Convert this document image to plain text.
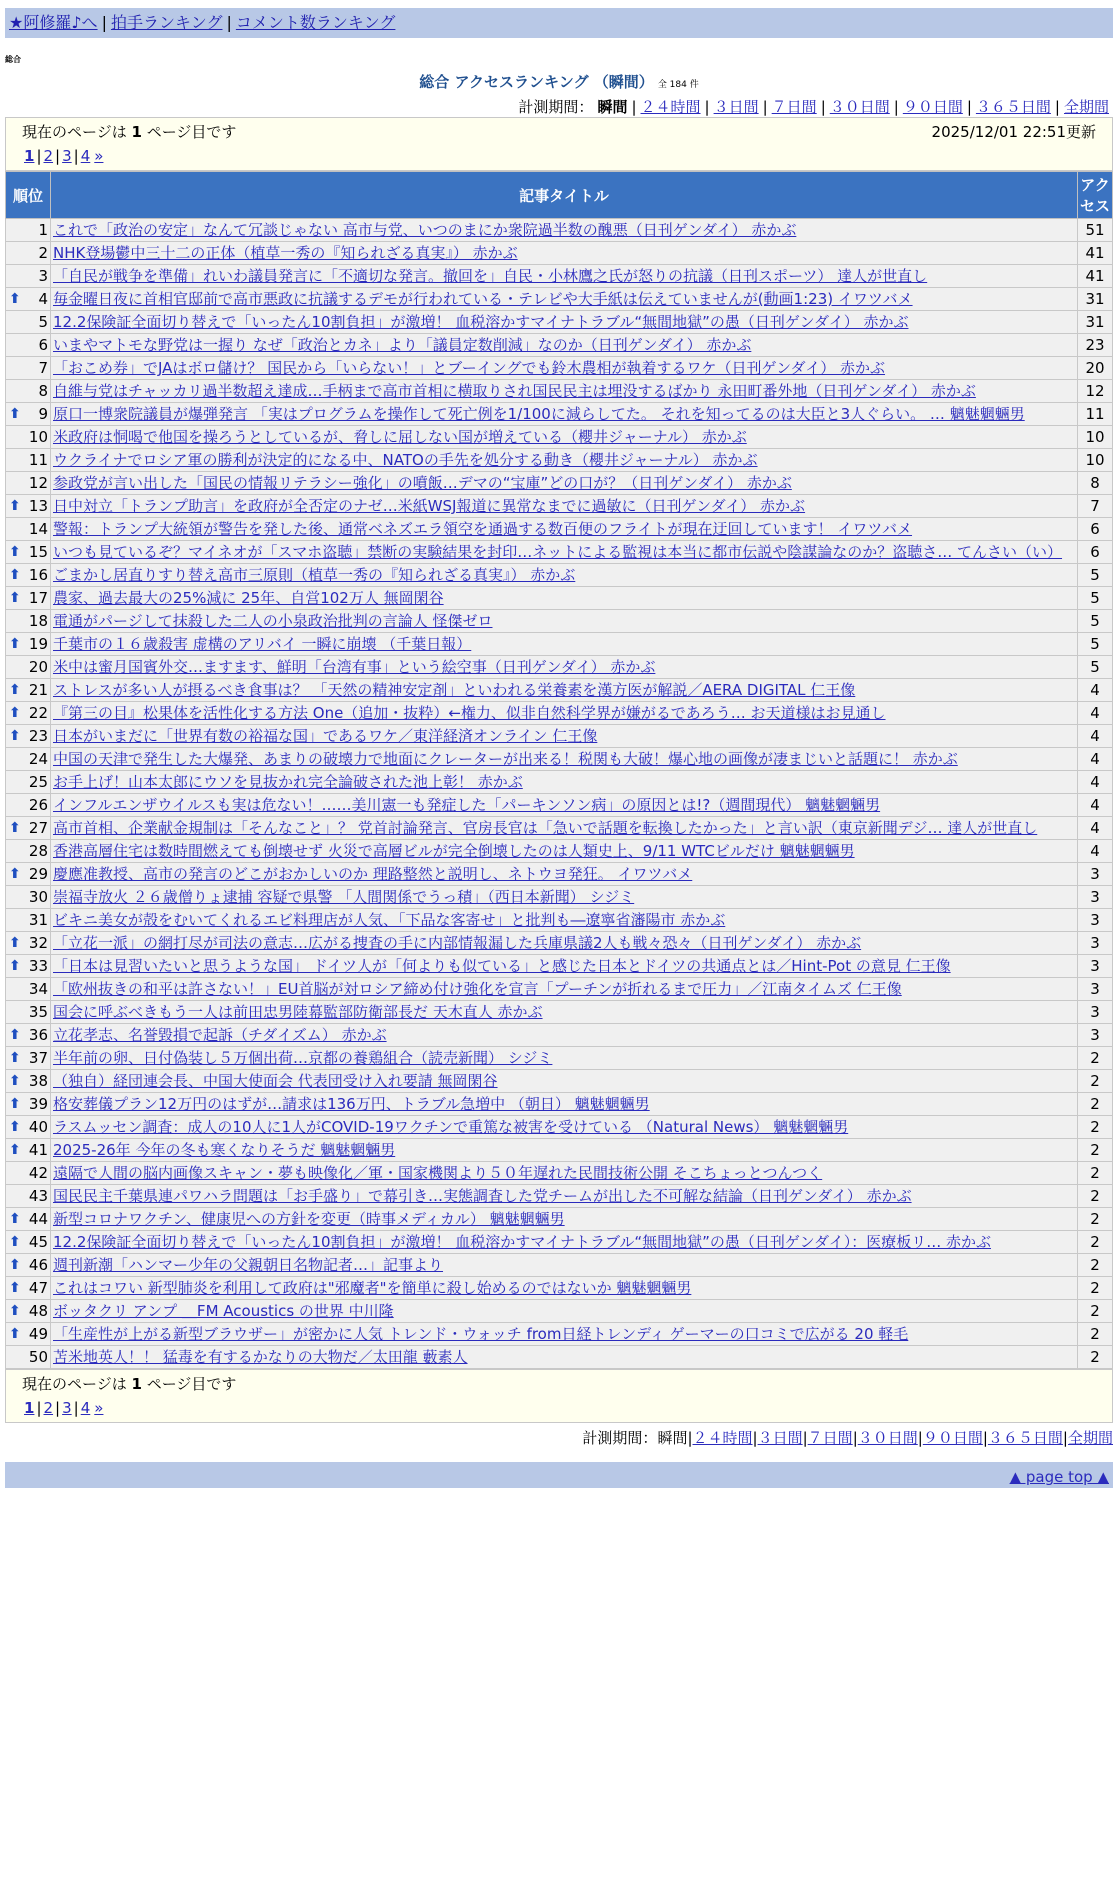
★阿修羅♪へ | 拍手ランキング | コメント数ランキング
総合
総合 アクセスランキング （瞬間） 全 184 件
計測期間： 瞬間 | ２４時間 | ３日間 | ７日間 | ３０日間 | ９０日間 | ３６５日間 | 全期間
現在のページは 1 ページ目です	2025/12/01 22:51更新
1 | 2 | 3 | 4 »
順位	記事タイトル	アクセス
1	これで「政治の安定」なんて冗談じゃない 高市与党、いつのまにか衆院過半数の醜悪（日刊ゲンダイ） 赤かぶ	51
2	NHK登場鬱中三十二の正体（植草一秀の『知られざる真実』） 赤かぶ	41
3	「自民が戦争を準備」れいわ議員発言に「不適切な発言。撤回を」自民・小林鷹之氏が怒りの抗議（日刊スポーツ） 達人が世直し	41

⬆ 4	毎金曜日夜に首相官邸前で高市悪政に抗議するデモが行われている・テレビや大手紙は伝えていませんが(動画1:23) イワツバメ	31
5	12.2保険証全面切り替えで「いったん10割負担」が激増！ 血税溶かすマイナトラブル“無間地獄”の愚（日刊ゲンダイ） 赤かぶ	31
6	いまやマトモな野党は一握り なぜ「政治とカネ」より「議員定数削減」なのか（日刊ゲンダイ） 赤かぶ	23
7	「おこめ券」でJAはボロ儲け？ 国民から「いらない！」とブーイングでも鈴木農相が執着するワケ（日刊ゲンダイ） 赤かぶ	20
8	自維与党はチャッカリ過半数超え達成…手柄まで高市首相に横取りされ国民民主は埋没するばかり 永田町番外地（日刊ゲンダイ） 赤かぶ	12

⬆ 9	原口一博衆院議員が爆弾発言 「実はプログラムを操作して死亡例を1/100に減らしてた。 それを知ってるのは大臣と3人ぐらい。 … 魑魅魍魎男	11
10	米政府は恫喝で他国を操ろうとしているが、脅しに屈しない国が増えている（櫻井ジャーナル） 赤かぶ	10
11	ウクライナでロシア軍の勝利が決定的になる中、NATOの手先を処分する動き（櫻井ジャーナル） 赤かぶ	10
12	参政党が言い出した「国民の情報リテラシー強化」の噴飯…デマの“宝庫”どの口が？（日刊ゲンダイ） 赤かぶ	8

⬆ 13	日中対立「トランプ助言」を政府が全否定のナゼ…米紙WSJ報道に異常なまでに過敏に（日刊ゲンダイ） 赤かぶ	7
14	警報：トランプ大統領が警告を発した後、通常ベネズエラ領空を通過する数百便のフライトが現在迂回しています！ イワツバメ	6

⬆ 15	いつも見ているぞ？マイネオが「スマホ盗聴」禁断の実験結果を封印…ネットによる監視は本当に都市伝説や陰謀論なのか？盗聴さ… てんさい（い）	6

⬆ 16	ごまかし居直りすり替え高市三原則（植草一秀の『知られざる真実』） 赤かぶ	5

⬆ 17	農家、過去最大の25%減に 25年、自営102万人 無岡閑谷	5
18	電通がパージして抹殺した二人の小泉政治批判の言論人 怪傑ゼロ	5

⬆ 19	千葉市の１６歳殺害 虚構のアリバイ 一瞬に崩壊 （千葉日報）	5
20	米中は蜜月国賓外交…ますます、鮮明「台湾有事」という絵空事（日刊ゲンダイ） 赤かぶ	5

⬆ 21	ストレスが多い人が摂るべき食事は？ 「天然の精神安定剤」といわれる栄養素を漢方医が解説／AERA DIGITAL 仁王像	4

⬆ 22	『第三の目』松果体を活性化する方法 One（追加・抜粋）←権力、似非自然科学界が嫌がるであろう… お天道様はお見通し	4

⬆ 23	日本がいまだに「世界有数の裕福な国」であるワケ／東洋経済オンライン 仁王像	4
24	中国の天津で発生した大爆発、あまりの破壊力で地面にクレーターが出来る！税関も大破！爆心地の画像が凄まじいと話題に！ 赤かぶ	4
25	お手上げ！山本太郎にウソを見抜かれ完全論破された池上彰！ 赤かぶ	4
26	インフルエンザウイルスも実は危ない！……美川憲一も発症した「パーキンソン病」の原因とは!?（週間現代） 魑魅魍魎男	4

⬆ 27	高市首相、企業献金規制は「そんなこと」？ 党首討論発言、官房長官は「急いで話題を転換したかった」と言い訳（東京新聞デジ… 達人が世直し	4
28	香港高層住宅は数時間燃えても倒壊せず 火災で高層ビルが完全倒壊したのは人類史上、9/11 WTCビルだけ 魑魅魍魎男	4

⬆ 29	慶應准教授、高市の発言のどこがおかしいのか 理路整然と説明し、ネトウヨ発狂。 イワツバメ	3
30	崇福寺放火 ２６歳僧りょ逮捕 容疑で県警 「人間関係でうっ積」（西日本新聞） シジミ	3
31	ビキニ美女が殻をむいてくれるエビ料理店が人気、「下品な客寄せ」と批判も―遼寧省瀋陽市 赤かぶ	3

⬆ 32	「立花一派」の網打尽が司法の意志…広がる捜査の手に内部情報漏した兵庫県議2人も戦々恐々（日刊ゲンダイ） 赤かぶ	3

⬆ 33	「日本は見習いたいと思うような国」 ドイツ人が「何よりも似ている」と感じた日本とドイツの共通点とは／Hint-Pot の意見 仁王像	3
34	「欧州抜きの和平は許さない！」EU首脳が対ロシア締め付け強化を宣言「プーチンが折れるまで圧力」／江南タイムズ 仁王像	3
35	国会に呼ぶべきもう一人は前田忠男陸幕監部防衛部長だ 天木直人 赤かぶ	3

⬆ 36	立花孝志、名誉毀損で起訴（チダイズム） 赤かぶ	3

⬆ 37	半年前の卵、日付偽装し５万個出荷…京都の養鶏組合（読売新聞） シジミ	2

⬆ 38	（独自）経団連会長、中国大使面会 代表団受け入れ要請 無岡閑谷	2

⬆ 39	格安葬儀プラン12万円のはずが…請求は136万円、トラブル急増中 （朝日） 魑魅魍魎男	2

⬆ 40	ラスムッセン調査：成人の10人に1人がCOVID-19ワクチンで重篤な被害を受けている （Natural News） 魑魅魍魎男	2

⬆ 41	2025-26年 今年の冬も寒くなりそうだ 魑魅魍魎男	2
42	遠隔で人間の脳内画像スキャン・夢も映像化／軍・国家機関より５０年遅れた民間技術公開 そこちょっとつんつく	2
43	国民民主千葉県連パワハラ問題は「お手盛り」で幕引き…実態調査した党チームが出した不可解な結論（日刊ゲンダイ） 赤かぶ	2

⬆ 44	新型コロナワクチン、健康児への方針を変更（時事メディカル） 魑魅魍魎男	2

⬆ 45	12.2保険証全面切り替えで「いったん10割負担」が激増！ 血税溶かすマイナトラブル“無間地獄”の愚（日刊ゲンダイ）：医療板リ… 赤かぶ	2

⬆ 46	週刊新潮「ハンマー少年の父親朝日名物記者…」記事より	2

⬆ 47	これはコワい 新型肺炎を利用して政府は"邪魔者"を簡単に殺し始めるのではないか 魑魅魍魎男	2

⬆ 48	ボッタクリ アンプ ＿FM Acoustics の世界 中川隆	2

⬆ 49	「生産性が上がる新型ブラウザー」が密かに人気 トレンド・ウォッチ from日経トレンディ ゲーマーの口コミで広がる 20 軽毛	2
50	苫米地英人！！ 猛毒を有するかなりの大物だ／太田龍 藪素人	2
現在のページは 1 ページ目です
1 | 2 | 3 | 4 »
計測期間：瞬間|２４時間|３日間|７日間|３０日間|９０日間|３６５日間|全期間
▲ page top ▲
